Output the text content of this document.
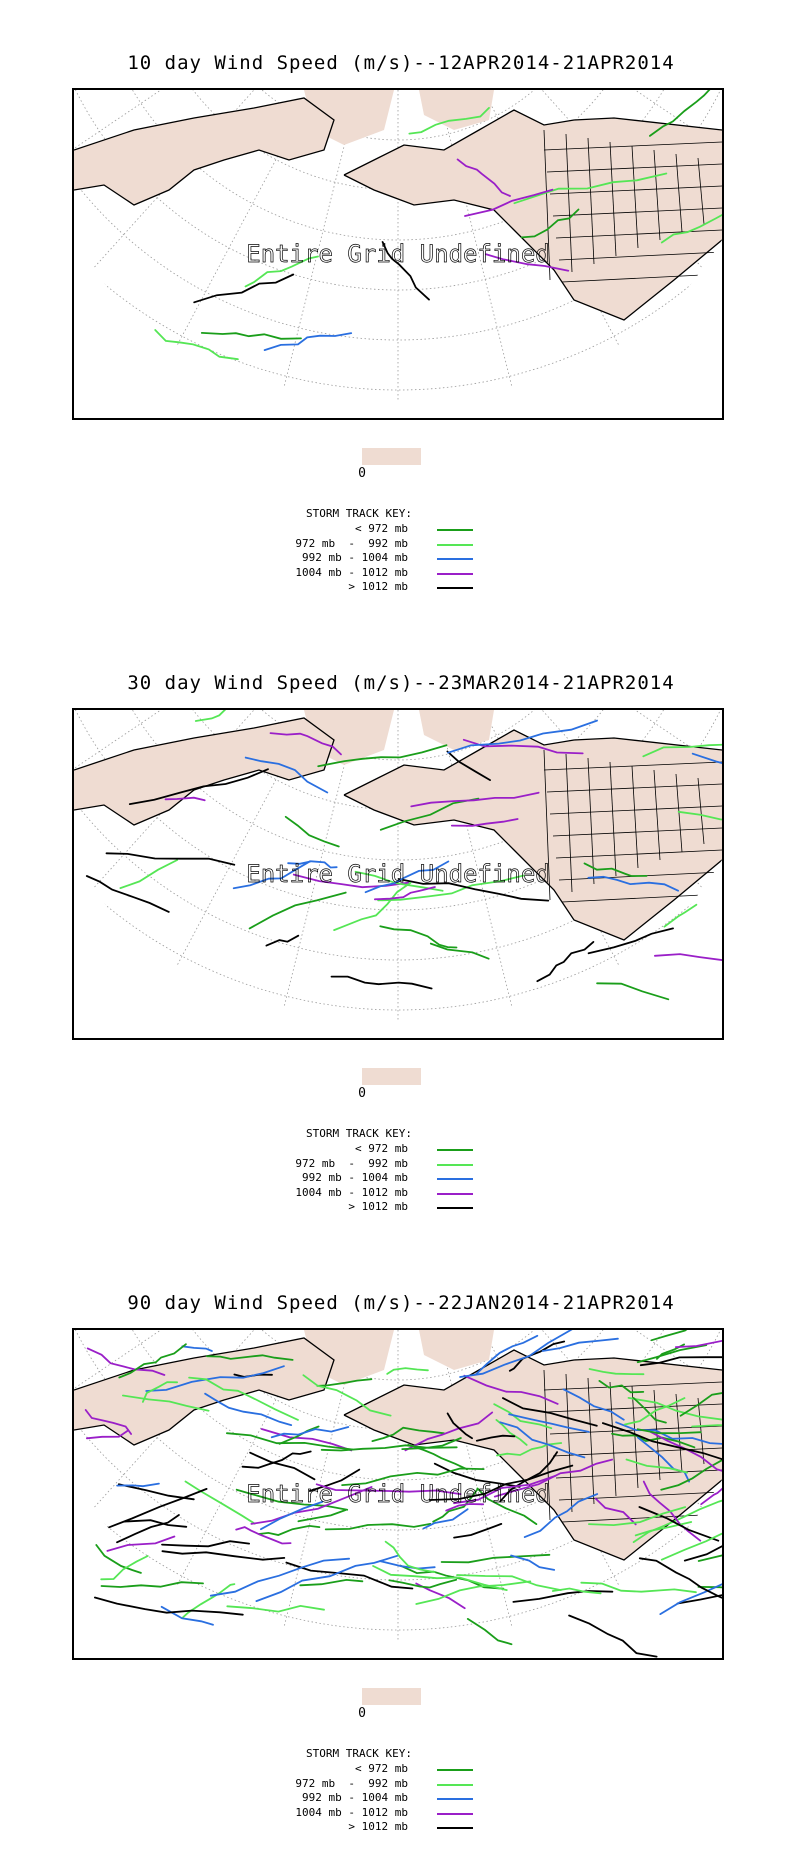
10 day Wind Speed (m/s)--12APR2014-21APR2014
Entire Grid Undefined
0
STORM TRACK KEY:
< 972 mb
972 mb  -  992 mb
992 mb - 1004 mb
1004 mb - 1012 mb
> 1012 mb
30 day Wind Speed (m/s)--23MAR2014-21APR2014
Entire Grid Undefined
0
STORM TRACK KEY:
< 972 mb
972 mb  -  992 mb
992 mb - 1004 mb
1004 mb - 1012 mb
> 1012 mb
90 day Wind Speed (m/s)--22JAN2014-21APR2014
Entire Grid Undefined
0
STORM TRACK KEY:
< 972 mb
972 mb  -  992 mb
992 mb - 1004 mb
1004 mb - 1012 mb
> 1012 mb
